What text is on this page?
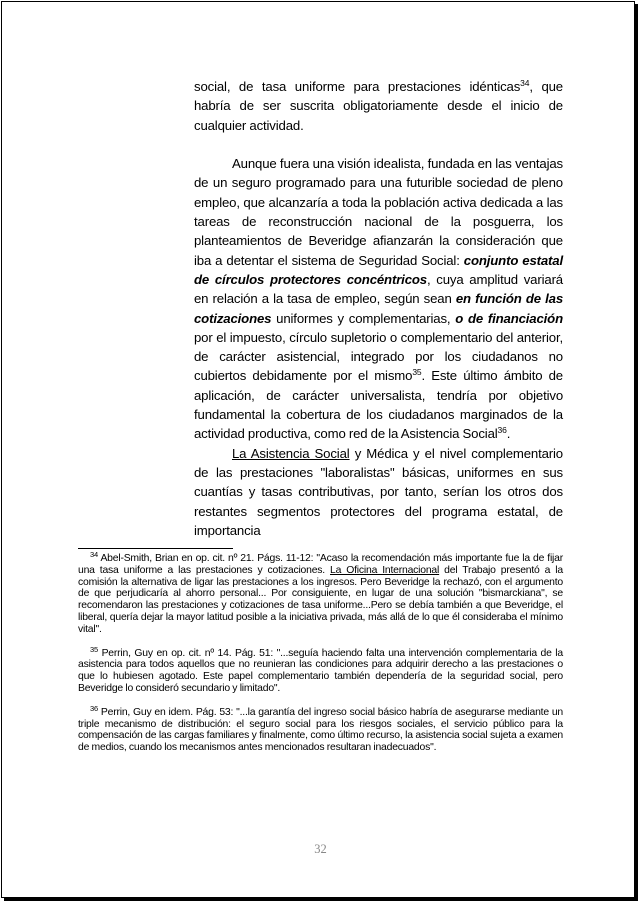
social, de tasa uniforme para prestaciones idénticas$^{34}$, que habría de ser suscrita obligatoriamente desde el inicio de cualquier actividad.

Aunque fuera una visión idealista, fundada en las ventajas de un seguro programado para una futurible sociedad de pleno empleo, que alcanzaría a toda la población activa dedicada a las tareas de reconstrucción nacional de la posguerra, los planteamientos de Beveridge afianzarán la consideración que iba a detentar el sistema de Seguridad Social: conjunto estatal de círculos protectores concéntricos, cuya amplitud variará en relación a la tasa de empleo, según sean en función de las cotizaciones uniformes y complementarias, o de financiación por el impuesto, círculo supletorio o complementario del anterior, de carácter asistencial, integrado por los ciudadanos no cubiertos debidamente por el mismo$^{35}$. Este último ámbito de aplicación, de carácter universalista, tendría por objetivo fundamental la cobertura de los ciudadanos marginados de la actividad productiva, como red de la Asistencia Social$^{36}$.

La Asistencia Social y Médica y el nivel complementario de las prestaciones "laboralistas" básicas, uniformes en sus cuantías y tasas contributivas, por tanto, serían los otros dos restantes segmentos protectores del programa estatal, de importancia

$^{34}$ Abel-Smith, Brian en op. cit. nº 21. Págs. 11-12: "Acaso la recomendación más importante fue la de fijar una tasa uniforme a las prestaciones y cotizaciones. La Oficina Internacional del Trabajo presentó a la comisión la alternativa de ligar las prestaciones a los ingresos. Pero Beveridge la rechazó, con el argumento de que perjudicaría al ahorro personal... Por consiguiente, en lugar de una solución "bismarckiana", se recomendaron las prestaciones y cotizaciones de tasa uniforme...Pero se debía también a que Beveridge, el liberal, quería dejar la mayor latitud posible a la iniciativa privada, más allá de lo que él consideraba el mínimo vital".

$^{35}$ Perrin, Guy en op. cit. nº 14. Pág. 51: "...seguía haciendo falta una intervención complementaria de la asistencia para todos aquellos que no reunieran las condiciones para adquirir derecho a las prestaciones o que lo hubiesen agotado. Este papel complementario también dependería de la seguridad social, pero Beveridge lo consideró secundario y limitado".

$^{36}$ Perrin, Guy en idem. Pág. 53: "...la garantía del ingreso social básico habría de asegurarse mediante un triple mecanismo de distribución: el seguro social para los riesgos sociales, el servicio público para la compensación de las cargas familiares y finalmente, como último recurso, la asistencia social sujeta a examen de medios, cuando los mecanismos antes mencionados resultaran inadecuados".

32
